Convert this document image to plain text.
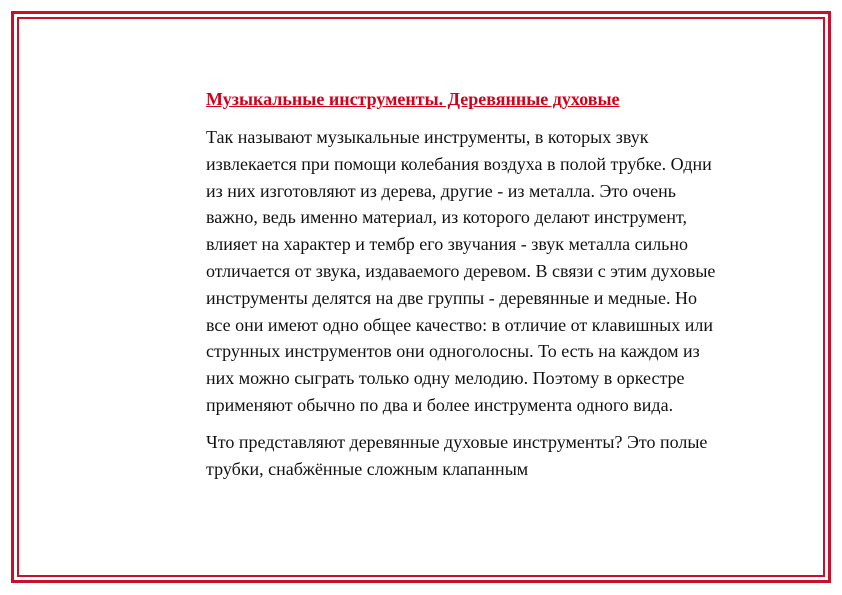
Музыкальные инструменты. Деревянные духовые

Так называют музыкальные инструменты, в которых звук извлекается при помощи колебания воздуха в полой трубке. Одни из них изготовляют из дерева, другие - из металла. Это очень важно, ведь именно материал, из которого делают инструмент, влияет на характер и тембр его звучания - звук металла сильно отличается от звука, издаваемого деревом. В связи с этим духовые инструменты делятся на две группы - деревянные и медные. Но все они имеют одно общее качество: в отличие от клавишных или струнных инструментов они одноголосны. То есть на каждом из них можно сыграть только одну мелодию. Поэтому в оркестре применяют обычно по два и более инструмента одного вида.

Что представляют деревянные духовые инструменты? Это полые трубки, снабжённые сложным клапанным
